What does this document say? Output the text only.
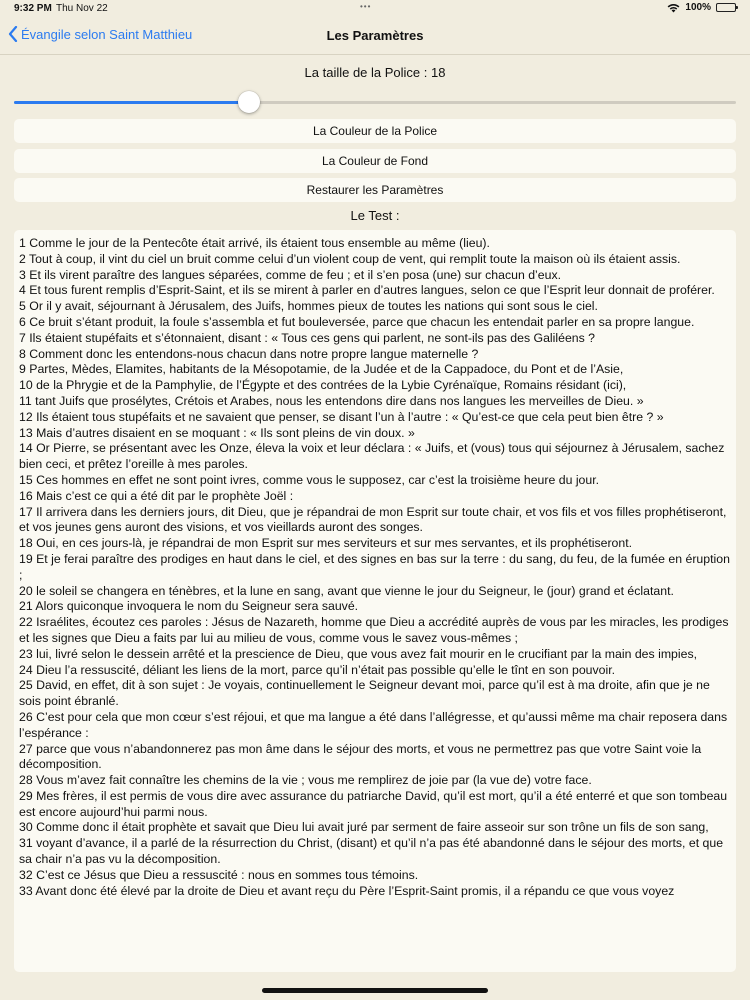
9:32 PM Thu Nov 22	•••	100%
Évangile selon Saint Matthieu	Les Paramètres
La taille de la Police : 18
La Couleur de la Police
La Couleur de Fond
Restaurer les Paramètres
Le Test :

1 Comme le jour de la Pentecôte était arrivé, ils étaient tous ensemble au même (lieu).

2 Tout à coup, il vint du ciel un bruit comme celui d’un violent coup de vent, qui remplit toute la maison où ils étaient assis.

3 Et ils virent paraître des langues séparées, comme de feu ; et il s’en posa (une) sur chacun d’eux.

4 Et tous furent remplis d’Esprit-Saint, et ils se mirent à parler en d’autres langues, selon ce que l’Esprit leur donnait de proférer.

5 Or il y avait, séjournant à Jérusalem, des Juifs, hommes pieux de toutes les nations qui sont sous le ciel.

6 Ce bruit s’étant produit, la foule s’assembla et fut bouleversée, parce que chacun les entendait parler en sa propre langue.

7 Ils étaient stupéfaits et s’étonnaient, disant : « Tous ces gens qui parlent, ne sont-ils pas des Galiléens ?

8 Comment donc les entendons-nous chacun dans notre propre langue maternelle ?

9 Partes, Mèdes, Elamites, habitants de la Mésopotamie, de la Judée et de la Cappadoce, du Pont et de l’Asie,

10 de la Phrygie et de la Pamphylie, de l’Égypte et des contrées de la Lybie Cyrénaïque, Romains résidant (ici),

11 tant Juifs que prosélytes, Crétois et Arabes, nous les entendons dire dans nos langues les merveilles de Dieu. »

12 Ils étaient tous stupéfaits et ne savaient que penser, se disant l’un à l’autre : « Qu’est-ce que cela peut bien être ? »

13 Mais d’autres disaient en se moquant : « Ils sont pleins de vin doux. »

14 Or Pierre, se présentant avec les Onze, éleva la voix et leur déclara : « Juifs, et (vous) tous qui séjournez à Jérusalem, sachez bien ceci, et prêtez l’oreille à mes paroles.

15 Ces hommes en effet ne sont point ivres, comme vous le supposez, car c’est la troisième heure du jour.

16 Mais c’est ce qui a été dit par le prophète Joël :

17 Il arrivera dans les derniers jours, dit Dieu, que je répandrai de mon Esprit sur toute chair, et vos fils et vos filles prophétiseront, et vos jeunes gens auront des visions, et vos vieillards auront des songes.

18 Oui, en ces jours-là, je répandrai de mon Esprit sur mes serviteurs et sur mes servantes, et ils prophétiseront.

19 Et je ferai paraître des prodiges en haut dans le ciel, et des signes en bas sur la terre : du sang, du feu, de la fumée en éruption ;

20 le soleil se changera en ténèbres, et la lune en sang, avant que vienne le jour du Seigneur, le (jour) grand et éclatant.

21 Alors quiconque invoquera le nom du Seigneur sera sauvé.

22 Israélites, écoutez ces paroles : Jésus de Nazareth, homme que Dieu a accrédité auprès de vous par les miracles, les prodiges et les signes que Dieu a faits par lui au milieu de vous, comme vous le savez vous-mêmes ;

23 lui, livré selon le dessein arrêté et la prescience de Dieu, que vous avez fait mourir en le crucifiant par la main des impies,

24 Dieu l’a ressuscité, déliant les liens de la mort, parce qu’il n’était pas possible qu’elle le tînt en son pouvoir.

25 David, en effet, dit à son sujet : Je voyais, continuellement le Seigneur devant moi, parce qu’il est à ma droite, afin que je ne sois point ébranlé.

26 C’est pour cela que mon cœur s’est réjoui, et que ma langue a été dans l’allégresse, et qu’aussi même ma chair reposera dans l’espérance :

27 parce que vous n’abandonnerez pas mon âme dans le séjour des morts, et vous ne permettrez pas que votre Saint voie la décomposition.

28 Vous m’avez fait connaître les chemins de la vie ; vous me remplirez de joie par (la vue de) votre face.

29 Mes frères, il est permis de vous dire avec assurance du patriarche David, qu’il est mort, qu’il a été enterré et que son tombeau est encore aujourd’hui parmi nous.

30 Comme donc il était prophète et savait que Dieu lui avait juré par serment de faire asseoir sur son trône un fils de son sang,

31 voyant d’avance, il a parlé de la résurrection du Christ, (disant) et qu’il n’a pas été abandonné dans le séjour des morts, et que sa chair n’a pas vu la décomposition.

32 C’est ce Jésus que Dieu a ressuscité : nous en sommes tous témoins.

33 Avant donc été élevé par la droite de Dieu et avant reçu du Père l’Esprit-Saint promis, il a répandu ce que vous voyez
